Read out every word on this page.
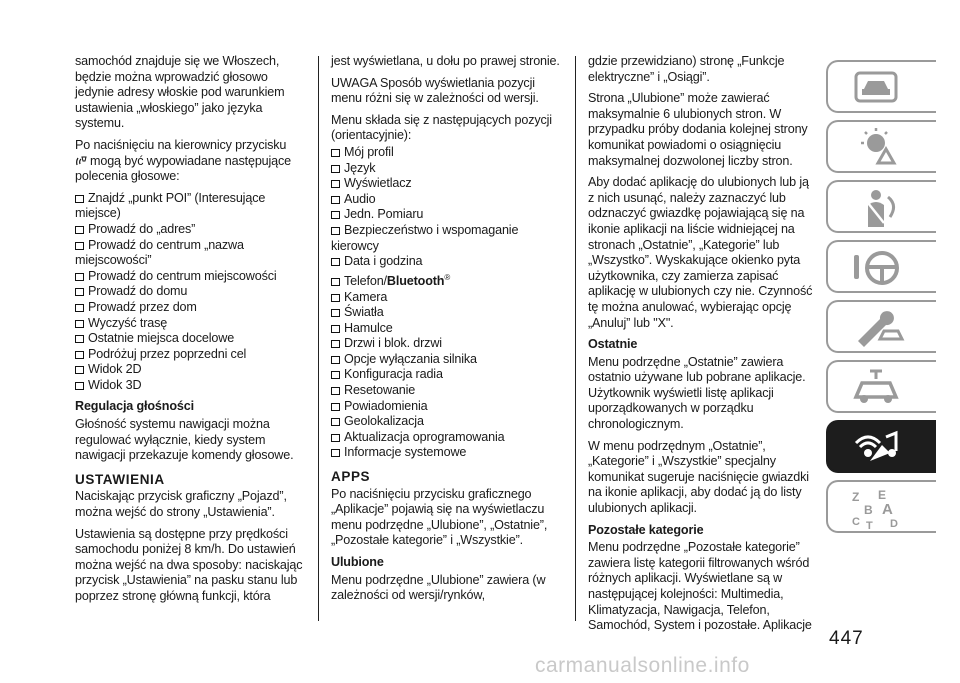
samochód znajduje się we Włoszech, będzie można wprowadzić głosowo jedynie adresy włoskie pod warunkiem ustawienia „włoskiego” jako języka systemu.

Po naciśnięciu na kierownicy przycisku
mogą być wypowiadane następujące polecenia głosowe:

Znajdź „punkt POI” (Interesujące miejsce)
Prowadź do „adres”
Prowadź do centrum „nazwa miejscowości”
Prowadź do centrum miejscowości
Prowadź do domu
Prowadź przez dom
Wyczyść trasę
Ostatnie miejsca docelowe
Podróżuj przez poprzedni cel
Widok 2D
Widok 3D
Regulacja głośności

Głośność systemu nawigacji można regulować wyłącznie, kiedy system nawigacji przekazuje komendy głosowe.

USTAWIENIA

Naciskając przycisk graficzny „Pojazd”, można wejść do strony „Ustawienia”.

Ustawienia są dostępne przy prędkości samochodu poniżej 8 km/h. Do ustawień można wejść na dwa sposoby: naciskając przycisk „Ustawienia” na pasku stanu lub poprzez stronę główną funkcji, która

jest wyświetlana, u dołu po prawej stronie.

UWAGA Sposób wyświetlania pozycji menu różni się w zależności od wersji.

Menu składa się z następujących pozycji (orientacyjnie):

Mój profil
Język
Wyświetlacz
Audio
Jedn. Pomiaru
Bezpieczeństwo i wspomaganie kierowcy
Data i godzina
Telefon/Bluetooth®
Kamera
Światła
Hamulce
Drzwi i blok. drzwi
Opcje wyłączania silnika
Konfiguracja radia
Resetowanie
Powiadomienia
Geolokalizacja
Aktualizacja oprogramowania
Informacje systemowe
APPS

Po naciśnięciu przycisku graficznego „Aplikacje” pojawią się na wyświetlaczu menu podrzędne „Ulubione”, „Ostatnie”, „Pozostałe kategorie” i „Wszystkie”.

Ulubione

Menu podrzędne „Ulubione” zawiera (w zależności od wersji/rynków,

gdzie przewidziano) stronę „Funkcje elektryczne” i „Osiągi”.

Strona „Ulubione” może zawierać maksymalnie 6 ulubionych stron. W przypadku próby dodania kolejnej strony komunikat powiadomi o osiągnięciu maksymalnej dozwolonej liczby stron.

Aby dodać aplikację do ulubionych lub ją z nich usunąć, należy zaznaczyć lub odznaczyć gwiazdkę pojawiającą się na ikonie aplikacji na liście widniejącej na stronach „Ostatnie”, „Kategorie” lub „Wszystko”. Wyskakujące okienko pyta użytkownika, czy zamierza zapisać aplikację w ulubionych czy nie. Czynność tę można anulować, wybierając opcję „Anuluj” lub "X".

Ostatnie

Menu podrzędne „Ostatnie” zawiera ostatnio używane lub pobrane aplikacje. Użytkownik wyświetli listę aplikacji uporządkowanych w porządku chronologicznym.

W menu podrzędnym „Ostatnie”, „Kategorie” i „Wszystkie” specjalny komunikat sugeruje naciśnięcie gwiazdki na ikonie aplikacji, aby dodać ją do listy ulubionych aplikacji.

Pozostałe kategorie

Menu podrzędne „Pozostałe kategorie” zawiera listę kategorii filtrowanych wśród różnych aplikacji. Wyświetlane są w następującej kolejności: Multimedia, Klimatyzacja, Nawigacja, Telefon, Samochód, System i pozostałe. Aplikacje

Z E
B A
C T D
447
carmanualsonline.info
